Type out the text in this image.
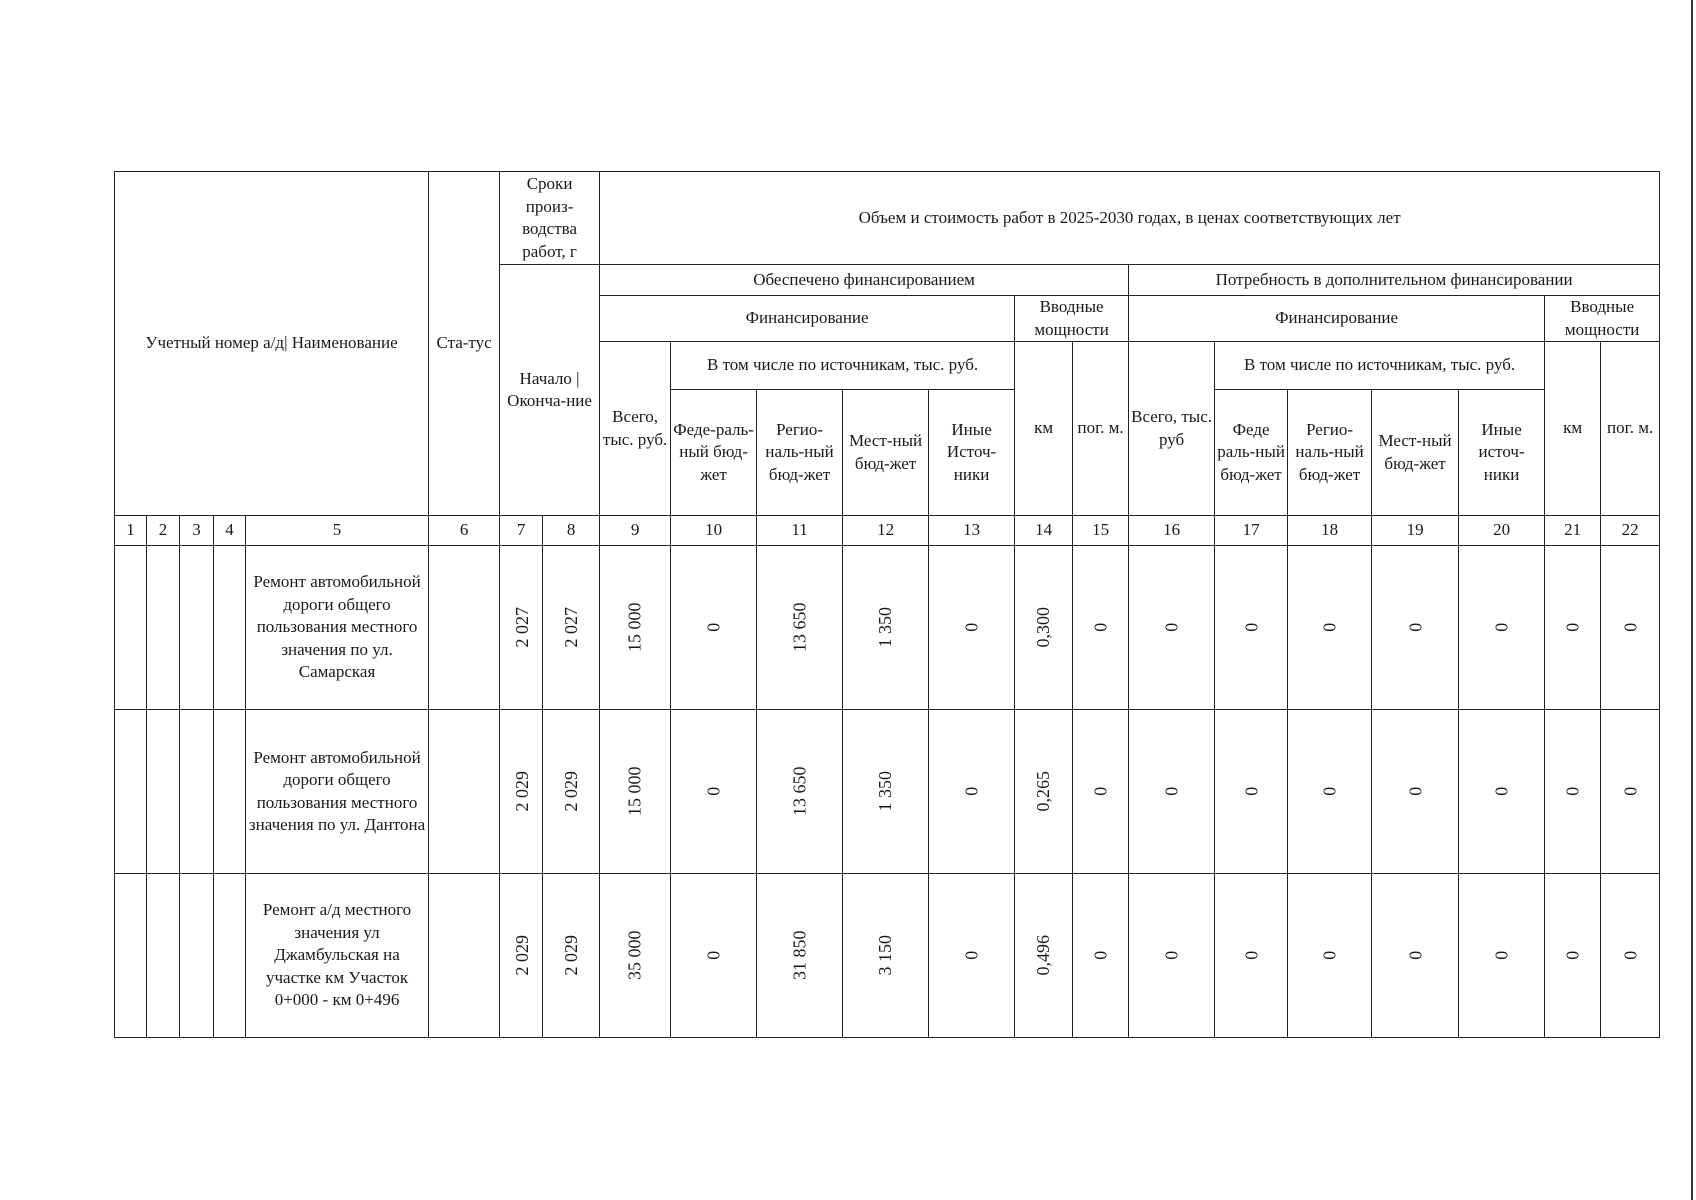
Учетный номер а/д| Наименование					Ста-тус	Сроки произ-водства работ, г		Объем и стоимость работ в 2025-2030 годах, в ценах соответствующих лет													
						Начало | Оконча-ние		Обеспечено финансированием							Потребность в дополнительном финансировании						
								Финансирование					Вводные мощности		Финансирование					Вводные мощности	
								Всего, тыс. руб.	В том числе по источникам, тыс. руб.				км	пог. м.	Всего, тыс. руб	В том числе по источникам, тыс. руб.				км	пог. м.
									Феде-раль-ный бюд-жет	Регио-наль-ный бюд-жет	Мест-ный бюд-жет	Иные Источ-ники				Феде раль-ный бюд-жет	Регио-наль-ный бюд-жет	Мест-ный бюд-жет	Иные источ-ники		
1	2	3	4	5	6	7	8	9	10	11	12	13	14	15	16	17	18	19	20	21	22
				Ремонт автомобильной дороги общего пользования местного значения по ул. Самарская		2 027	2 027	15 000	0	13 650	1 350	0	0,300	0	0	0	0	0	0	0	0
				Ремонт автомобильной дороги общего пользования местного значения по ул. Дантона		2 029	2 029	15 000	0	13 650	1 350	0	0,265	0	0	0	0	0	0	0	0
				Ремонт а/д местного значения ул Джамбульская на участке км Участок 0+000 - км 0+496		2 029	2 029	35 000	0	31 850	3 150	0	0,496	0	0	0	0	0	0	0	0
